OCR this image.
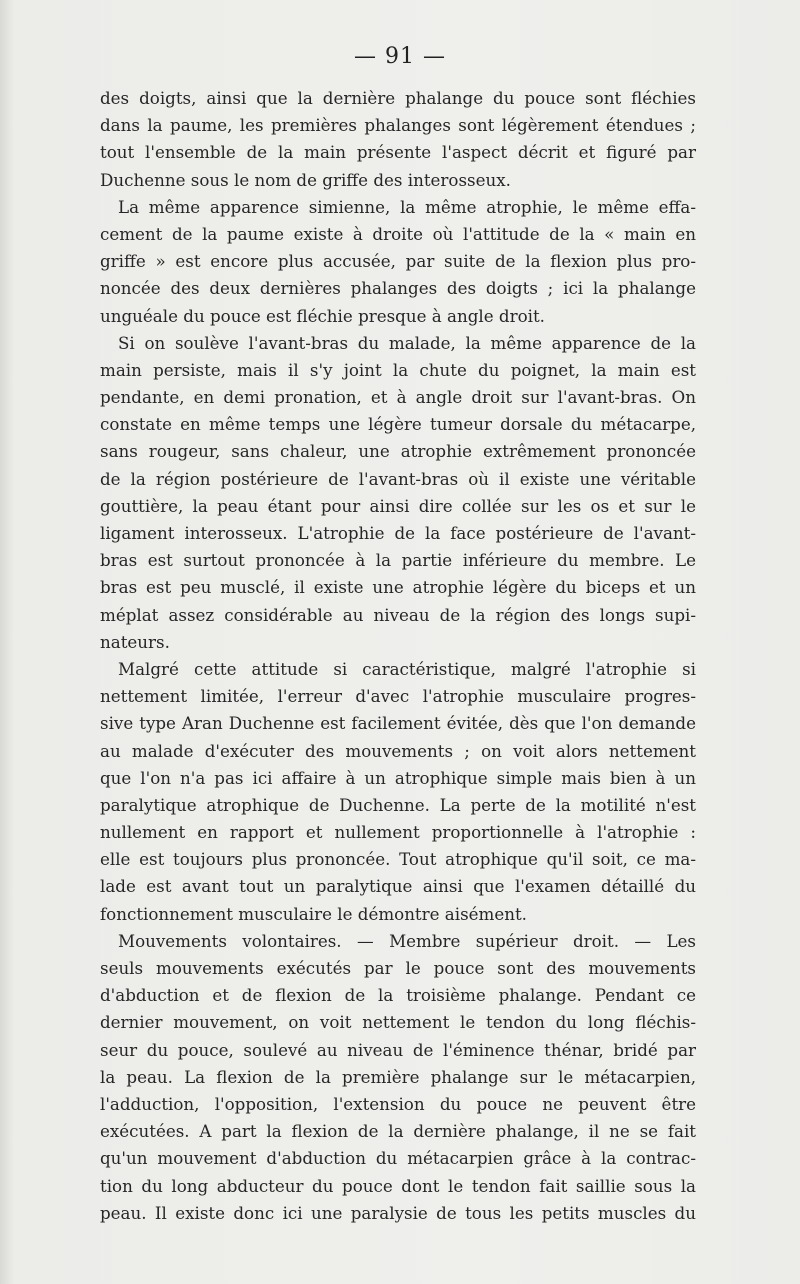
— 91 —
des doigts, ainsi que la dernière phalange du pouce sont fléchies
dans la paume, les premières phalanges sont légèrement étendues ;
tout l'ensemble de la main présente l'aspect décrit et figuré par
Duchenne sous le nom de griffe des interosseux.
La même apparence simienne, la même atrophie, le même effa-
cement de la paume existe à droite où l'attitude de la « main en
griffe » est encore plus accusée, par suite de la flexion plus pro-
noncée des deux dernières phalanges des doigts ; ici la phalange
unguéale du pouce est fléchie presque à angle droit.
Si on soulève l'avant-bras du malade, la même apparence de la
main persiste, mais il s'y joint la chute du poignet, la main est
pendante, en demi pronation, et à angle droit sur l'avant-bras. On
constate en même temps une légère tumeur dorsale du métacarpe,
sans rougeur, sans chaleur, une atrophie extrêmement prononcée
de la région postérieure de l'avant-bras où il existe une véritable
gouttière, la peau étant pour ainsi dire collée sur les os et sur le
ligament interosseux. L'atrophie de la face postérieure de l'avant-
bras est surtout prononcée à la partie inférieure du membre. Le
bras est peu musclé, il existe une atrophie légère du biceps et un
méplat assez considérable au niveau de la région des longs supi-
nateurs.
Malgré cette attitude si caractéristique, malgré l'atrophie si
nettement limitée, l'erreur d'avec l'atrophie musculaire progres-
sive type Aran Duchenne est facilement évitée, dès que l'on demande
au malade d'exécuter des mouvements ; on voit alors nettement
que l'on n'a pas ici affaire à un atrophique simple mais bien à un
paralytique atrophique de Duchenne. La perte de la motilité n'est
nullement en rapport et nullement proportionnelle à l'atrophie :
elle est toujours plus prononcée. Tout atrophique qu'il soit, ce ma-
lade est avant tout un paralytique ainsi que l'examen détaillé du
fonctionnement musculaire le démontre aisément.
Mouvements volontaires. — Membre supérieur droit. — Les
seuls mouvements exécutés par le pouce sont des mouvements
d'abduction et de flexion de la troisième phalange. Pendant ce
dernier mouvement, on voit nettement le tendon du long fléchis-
seur du pouce, soulevé au niveau de l'éminence thénar, bridé par
la peau. La flexion de la première phalange sur le métacarpien,
l'adduction, l'opposition, l'extension du pouce ne peuvent être
exécutées. A part la flexion de la dernière phalange, il ne se fait
qu'un mouvement d'abduction du métacarpien grâce à la contrac-
tion du long abducteur du pouce dont le tendon fait saillie sous la
peau. Il existe donc ici une paralysie de tous les petits muscles du
